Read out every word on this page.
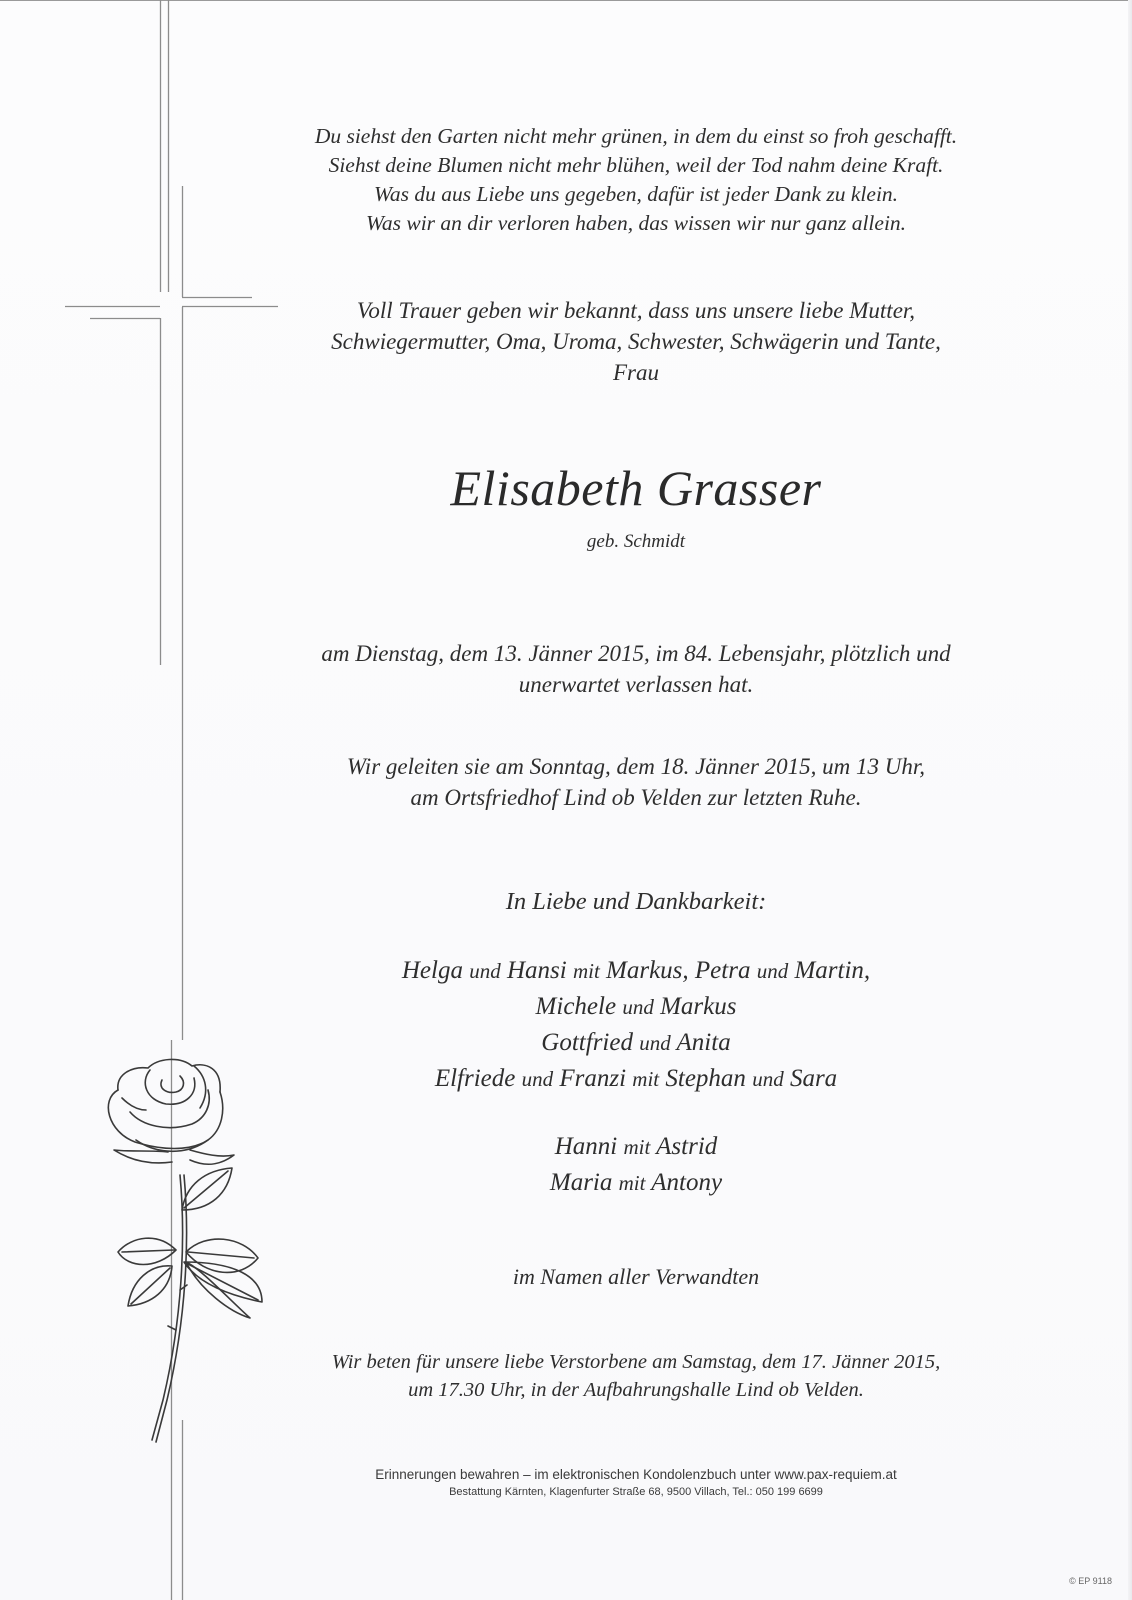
Du siehst den Garten nicht mehr grünen, in dem du einst so froh geschafft.
Siehst deine Blumen nicht mehr blühen, weil der Tod nahm deine Kraft.
Was du aus Liebe uns gegeben, dafür ist jeder Dank zu klein.
Was wir an dir verloren haben, das wissen wir nur ganz allein.
Voll Trauer geben wir bekannt, dass uns unsere liebe Mutter,
Schwiegermutter, Oma, Uroma, Schwester, Schwägerin und Tante,
Frau
Elisabeth Grasser
geb. Schmidt
am Dienstag, dem 13. Jänner 2015, im 84. Lebensjahr, plötzlich und
unerwartet verlassen hat.
Wir geleiten sie am Sonntag, dem 18. Jänner 2015, um 13 Uhr,
am Ortsfriedhof Lind ob Velden zur letzten Ruhe.
In Liebe und Dankbarkeit:
Helga und Hansi mit Markus, Petra und Martin,
Michele und Markus
Gottfried und Anita
Elfriede und Franzi mit Stephan und Sara
Hanni mit Astrid
Maria mit Antony
im Namen aller Verwandten
Wir beten für unsere liebe Verstorbene am Samstag, dem 17. Jänner 2015,
um 17.30 Uhr, in der Aufbahrungshalle Lind ob Velden.
Erinnerungen bewahren – im elektronischen Kondolenzbuch unter www.pax-requiem.at
Bestattung Kärnten, Klagenfurter Straße 68, 9500 Villach, Tel.: 050 199 6699
© EP 9118
